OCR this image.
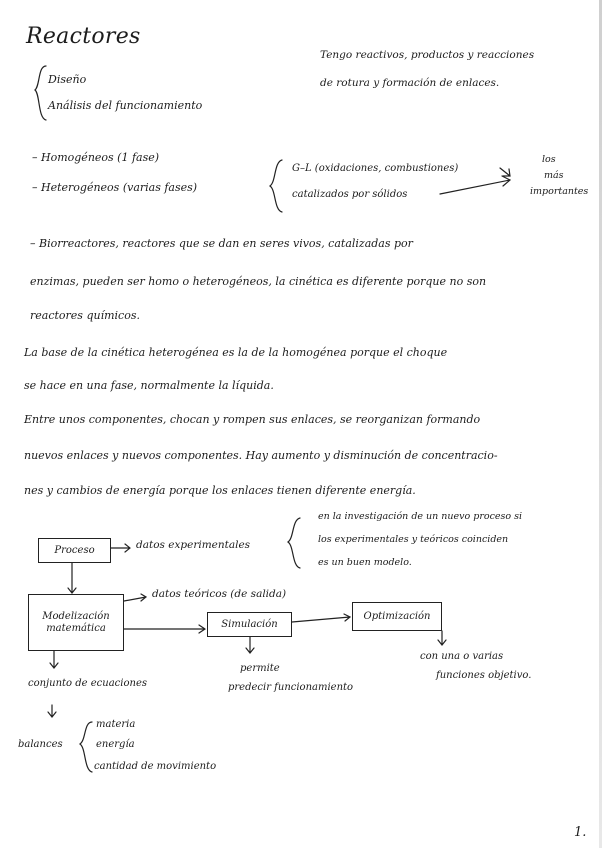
Reactores
Tengo reactivos, productos y reacciones
de rotura y formación de enlaces.
Diseño
Análisis del funcionamiento
– Homogéneos (1 fase)
– Heterogéneos (varias fases)
G–L (oxidaciones, combustiones)
catalizados por sólidos
los
más
importantes
– Biorreactores, reactores que se dan en seres vivos, catalizadas por
enzimas, pueden ser homo o heterogéneos, la cinética es diferente porque no son
reactores químicos.
La base de la cinética heterogénea es la de la homogénea porque el choque
se hace en una fase, normalmente la líquida.
Entre unos componentes, chocan y rompen sus enlaces, se reorganizan formando
nuevos enlaces y nuevos componentes. Hay aumento y disminución de concentracio-
nes y cambios de energía porque los enlaces tienen diferente energía.
Proceso	datos experimentales
en la investigación de un nuevo proceso si
los experimentales y teóricos coinciden
es un buen modelo.
datos teóricos (de salida)
Modelización
matemática	Simulación
Optimización
conjunto de ecuaciones
permite
predecir funcionamiento
con una o varias
funciones objetivo.
balances
materia
energía
cantidad de movimiento
1.
